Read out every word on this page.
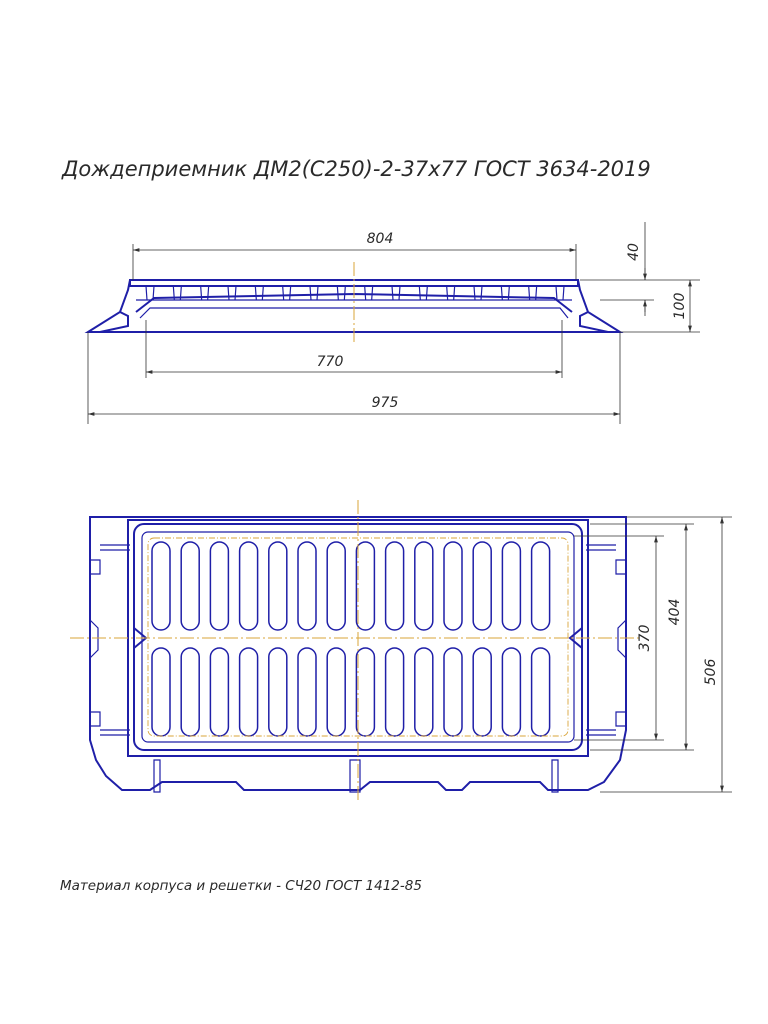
Дождеприемник ДМ2(С250)-2-37х77 ГОСТ 3634-2019
804
770
975
40
100
370
404
506
Материал корпуса и решетки - СЧ20 ГОСТ 1412-85
